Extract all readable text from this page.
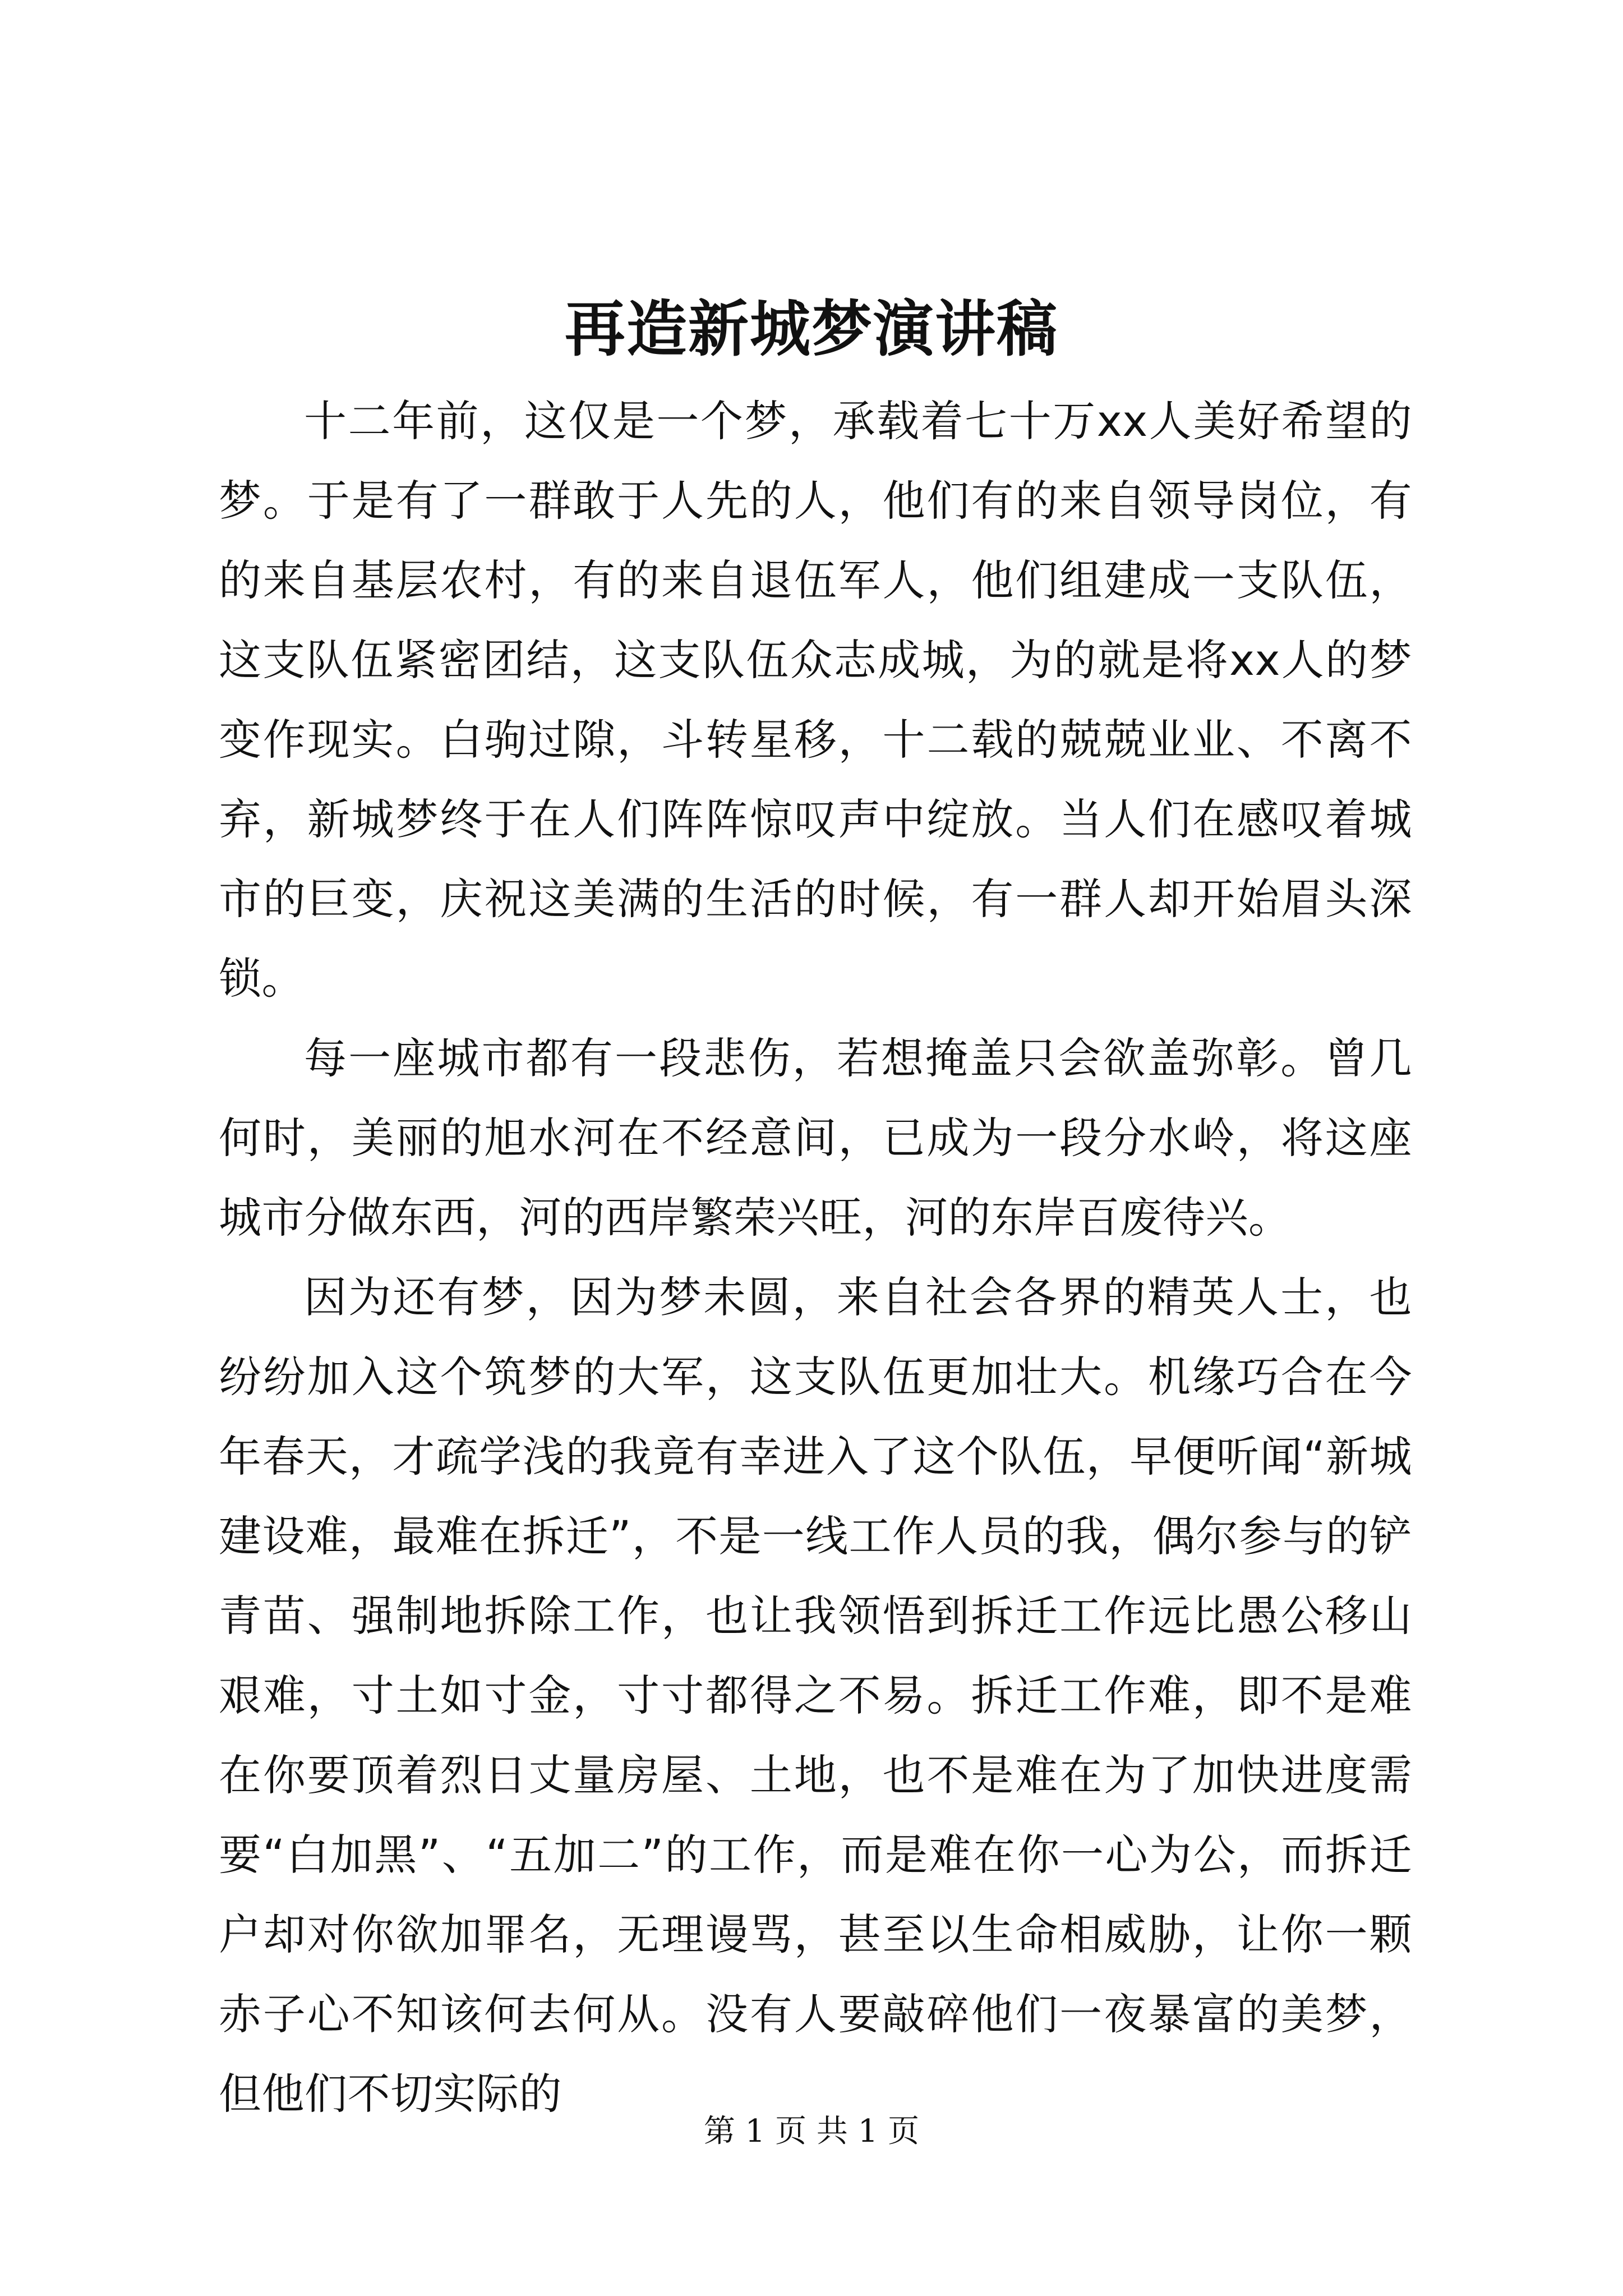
再造新城梦演讲稿

十二年前，这仅是一个梦，承载着七十万xx人美好希望的梦。于是有了一群敢于人先的人，他们有的来自领导岗位，有的来自基层农村，有的来自退伍军人，他们组建成一支队伍，这支队伍紧密团结，这支队伍众志成城，为的就是将xx人的梦变作现实。白驹过隙，斗转星移，十二载的兢兢业业、不离不弃，新城梦终于在人们阵阵惊叹声中绽放。当人们在感叹着城市的巨变，庆祝这美满的生活的时候，有一群人却开始眉头深锁。

每一座城市都有一段悲伤，若想掩盖只会欲盖弥彰。曾几何时，美丽的旭水河在不经意间，已成为一段分水岭，将这座城市分做东西，河的西岸繁荣兴旺，河的东岸百废待兴。

因为还有梦，因为梦未圆，来自社会各界的精英人士，也纷纷加入这个筑梦的大军，这支队伍更加壮大。机缘巧合在今年春天，才疏学浅的我竟有幸进入了这个队伍，早便听闻“新城建设难，最难在拆迁”，不是一线工作人员的我，偶尔参与的铲青苗、强制地拆除工作，也让我领悟到拆迁工作远比愚公移山艰难，寸土如寸金，寸寸都得之不易。拆迁工作难，即不是难在你要顶着烈日丈量房屋、土地，也不是难在为了加快进度需要“白加黑”、“五加二”的工作，而是难在你一心为公，而拆迁户却对你欲加罪名，无理谩骂，甚至以生命相威胁，让你一颗赤子心不知该何去何从。没有人要敲碎他们一夜暴富的美梦，但他们不切实际的

第 1 页 共 1 页
